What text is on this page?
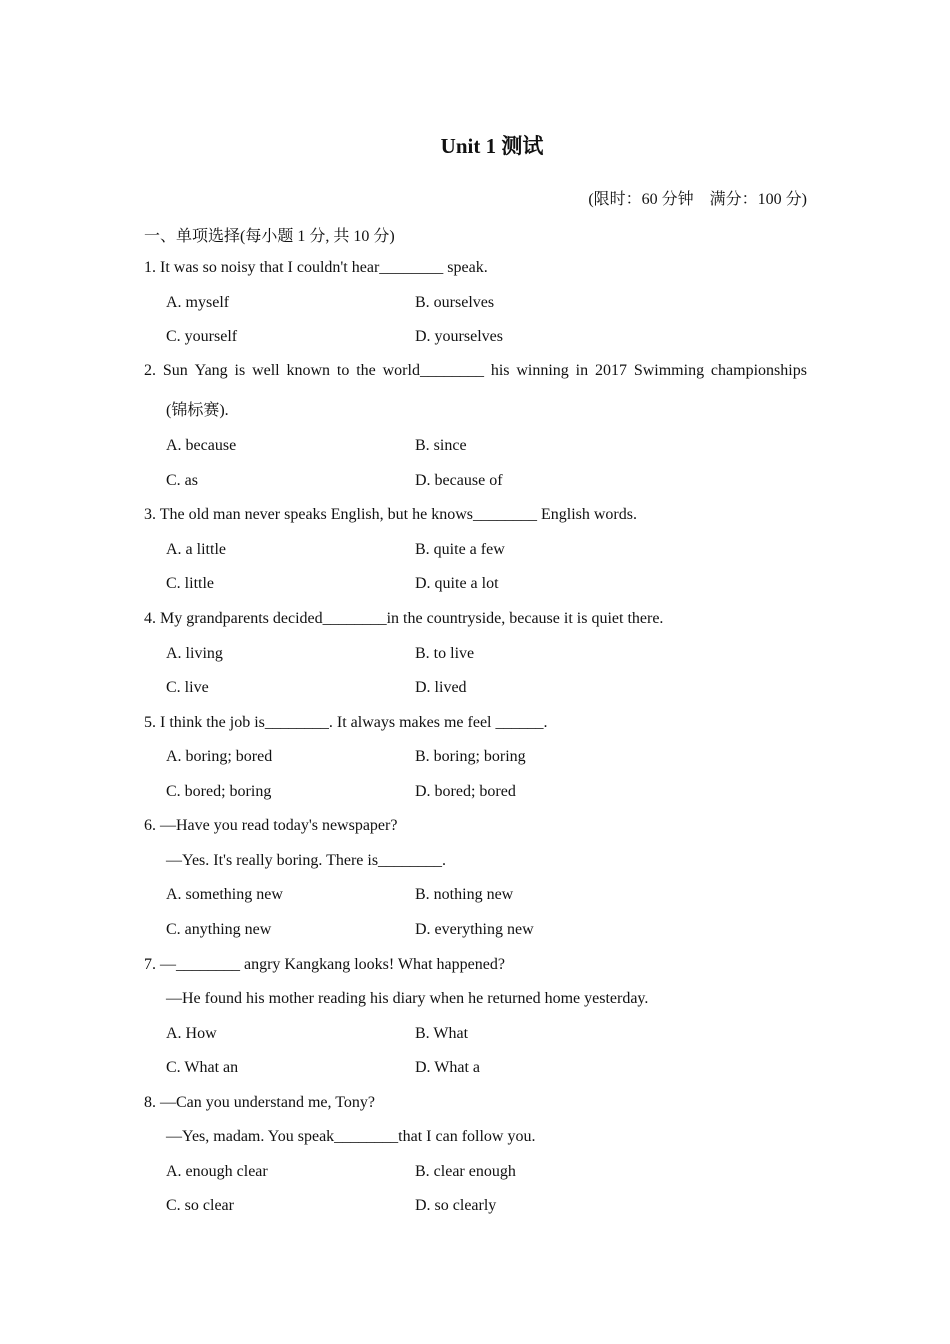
Unit 1 测试
(限时：60 分钟　满分：100 分)
一、单项选择(每小题 1 分, 共 10 分)
1. It was so noisy that I couldn't hear________ speak.
A. myself	B. ourselves
C. yourself	D. yourselves
2. Sun Yang is well known to the world________ his winning in 2017 Swimming championships
(锦标赛).
A. because	B. since
C. as	D. because of
3. The old man never speaks English, but he knows________ English words.
A. a little	B. quite a few
C. little	D. quite a lot
4. My grandparents decided________in the countryside, because it is quiet there.
A. living	B. to live
C. live	D. lived
5. I think the job is________. It always makes me feel ______.
A. boring; bored	B. boring; boring
C. bored; boring	D. bored; bored
6. —Have you read today's newspaper?
—Yes. It's really boring. There is________.
A. something new	B. nothing new
C. anything new	D. everything new
7. —________ angry Kangkang looks! What happened?
—He found his mother reading his diary when he returned home yesterday.
A. How	B. What
C. What an	D. What a
8. —Can you understand me, Tony?
—Yes, madam. You speak________that I can follow you.
A. enough clear	B. clear enough
C. so clear	D. so clearly
